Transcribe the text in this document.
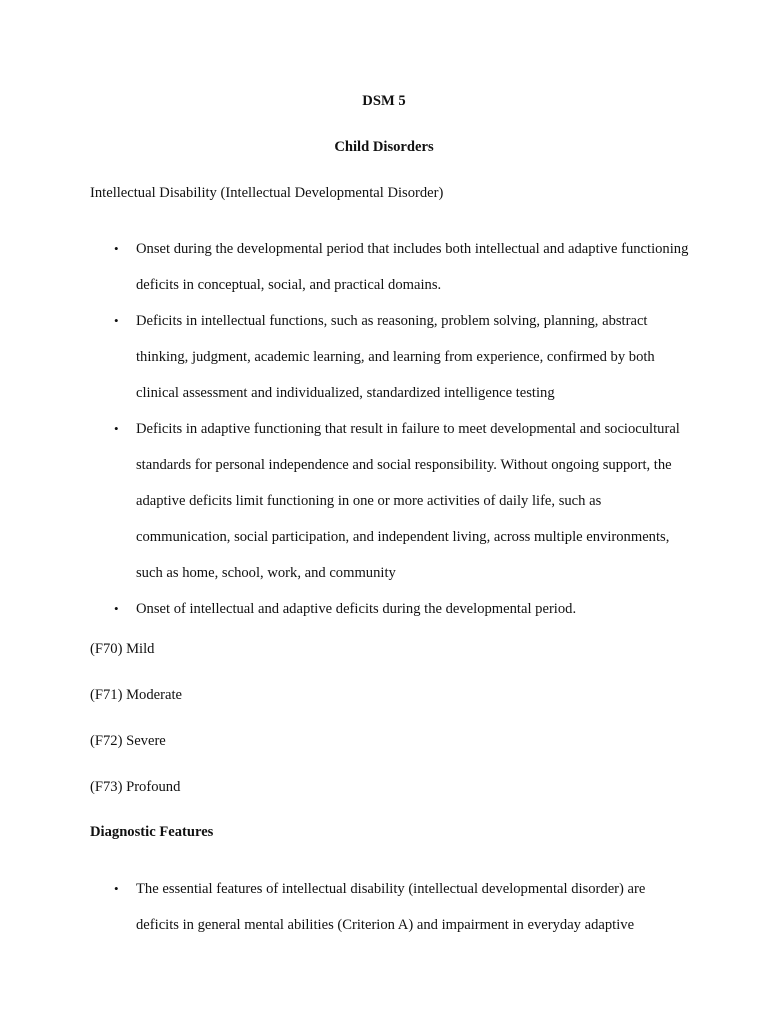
DSM 5
Child Disorders

Intellectual Disability (Intellectual Developmental Disorder)

• Onset during the developmental period that includes both intellectual and adaptive functioning deficits in conceptual, social, and practical domains.
• Deficits in intellectual functions, such as reasoning, problem solving, planning, abstract thinking, judgment, academic learning, and learning from experience, confirmed by both clinical assessment and individualized, standardized intelligence testing
• Deficits in adaptive functioning that result in failure to meet developmental and sociocultural standards for personal independence and social responsibility. Without ongoing support, the adaptive deficits limit functioning in one or more activities of daily life, such as communication, social participation, and independent living, across multiple environments, such as home, school, work, and community
• Onset of intellectual and adaptive deficits during the developmental period.

(F70) Mild

(F71) Moderate

(F72) Severe

(F73) Profound

Diagnostic Features

• The essential features of intellectual disability (intellectual developmental disorder) are deficits in general mental abilities (Criterion A) and impairment in everyday adaptive
